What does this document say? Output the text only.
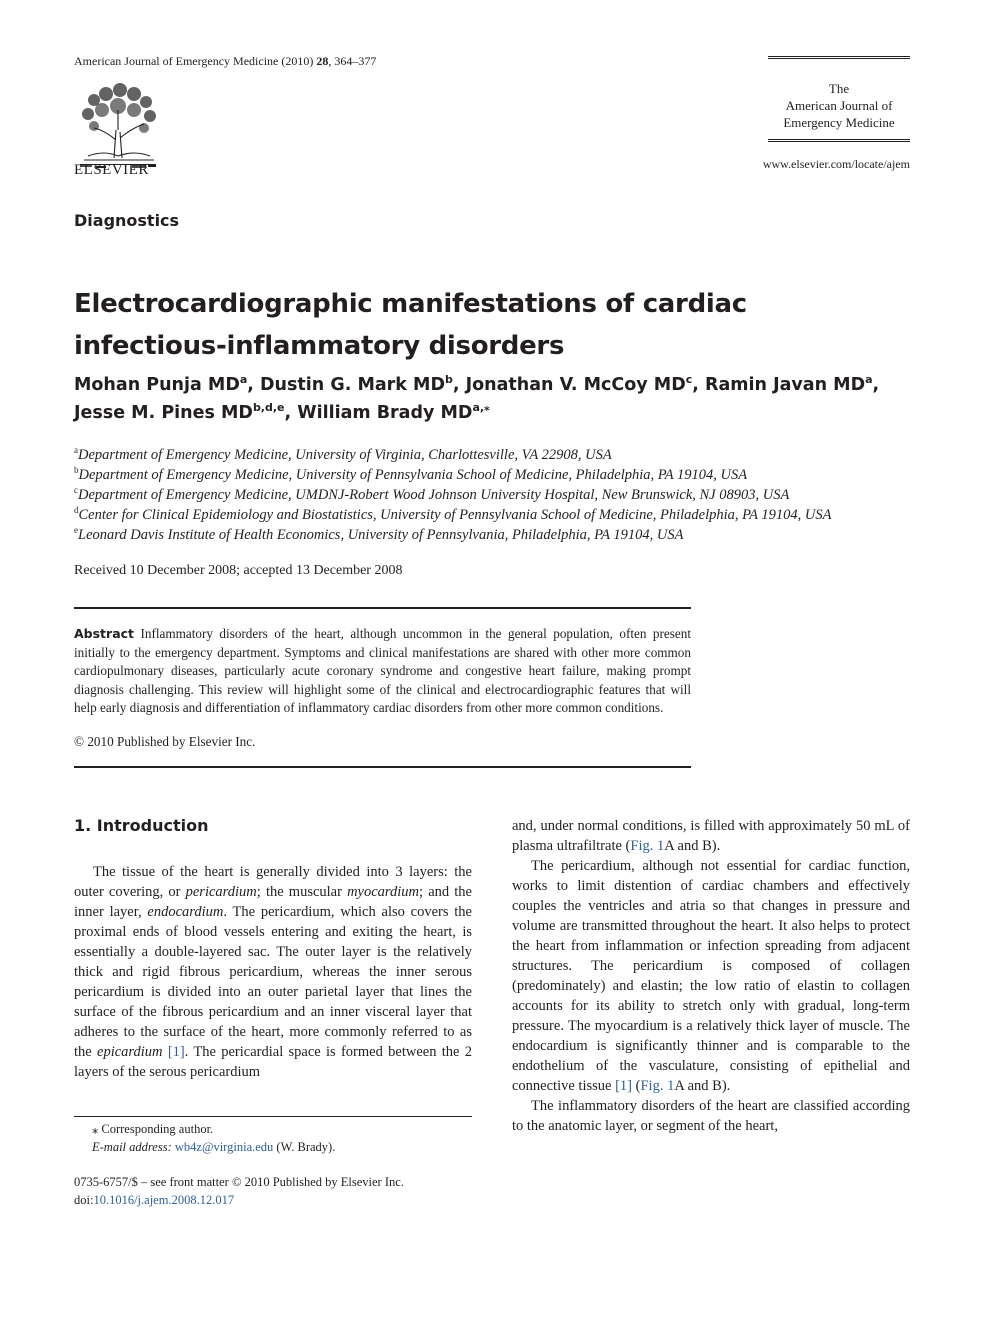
American Journal of Emergency Medicine (2010) 28, 364–377
ELSEVIER
The
American Journal of
Emergency Medicine
www.elsevier.com/locate/ajem
Diagnostics
Electrocardiographic manifestations of cardiac infectious-inflammatory disorders
Mohan Punja $MD^a$, Dustin G. Mark $MD^b$, Jonathan V. McCoy $MD^c$, Ramin Javan $MD^a$,
Jesse M. Pines MD$^{b,d,e}$, William Brady $MD^{a,⁎}$
$^a$Department of Emergency Medicine, University of Virginia, Charlottesville, VA 22908, USA
$^b$Department of Emergency Medicine, University of Pennsylvania School of Medicine, Philadelphia, PA 19104, USA
$^c$Department of Emergency Medicine, UMDNJ-Robert Wood Johnson University Hospital, New Brunswick, NJ 08903, USA
$^d$Center for Clinical Epidemiology and Biostatistics, University of Pennsylvania School of Medicine, Philadelphia, PA 19104, USA
$^e$Leonard Davis Institute of Health Economics, University of Pennsylvania, Philadelphia, PA 19104, USA
Received 10 December 2008; accepted 13 December 2008
Abstract Inflammatory disorders of the heart, although uncommon in the general population, often present initially to the emergency department. Symptoms and clinical manifestations are shared with other more common cardiopulmonary diseases, particularly acute coronary syndrome and congestive heart failure, making prompt diagnosis challenging. This review will highlight some of the clinical and electrocardiographic features that will help early diagnosis and differentiation of inflammatory cardiac disorders from other more common conditions.
© 2010 Published by Elsevier Inc.
1. Introduction

The tissue of the heart is generally divided into 3 layers: the outer covering, or pericardium; the muscular myocardium; and the inner layer, endocardium. The pericardium, which also covers the proximal ends of blood vessels entering and exiting the heart, is essentially a double-layered sac. The outer layer is the relatively thick and rigid fibrous pericardium, whereas the inner serous pericardium is divided into an outer parietal layer that lines the surface of the fibrous pericardium and an inner visceral layer that adheres to the surface of the heart, more commonly referred to as the epicardium [1]. The pericardial space is formed between the 2 layers of the serous pericardium

and, under normal conditions, is filled with approximately 50 mL of plasma ultrafiltrate (Fig. 1A and B).

The pericardium, although not essential for cardiac function, works to limit distention of cardiac chambers and effectively couples the ventricles and atria so that changes in pressure and volume are transmitted throughout the heart. It also helps to protect the heart from inflammation or infection spreading from adjacent structures. The pericardium is composed of collagen (predominately) and elastin; the low ratio of elastin to collagen accounts for its ability to stretch only with gradual, long-term pressure. The myocardium is a relatively thick layer of muscle. The endocardium is significantly thinner and is comparable to the endothelium of the vasculature, consisting of epithelial and connective tissue [1] (Fig. 1A and B).

The inflammatory disorders of the heart are classified according to the anatomic layer, or segment of the heart,

⁎ Corresponding author.
E-mail address: wb4z@virginia.edu (W. Brady).
0735-6757/$ – see front matter © 2010 Published by Elsevier Inc.
doi:10.1016/j.ajem.2008.12.017
